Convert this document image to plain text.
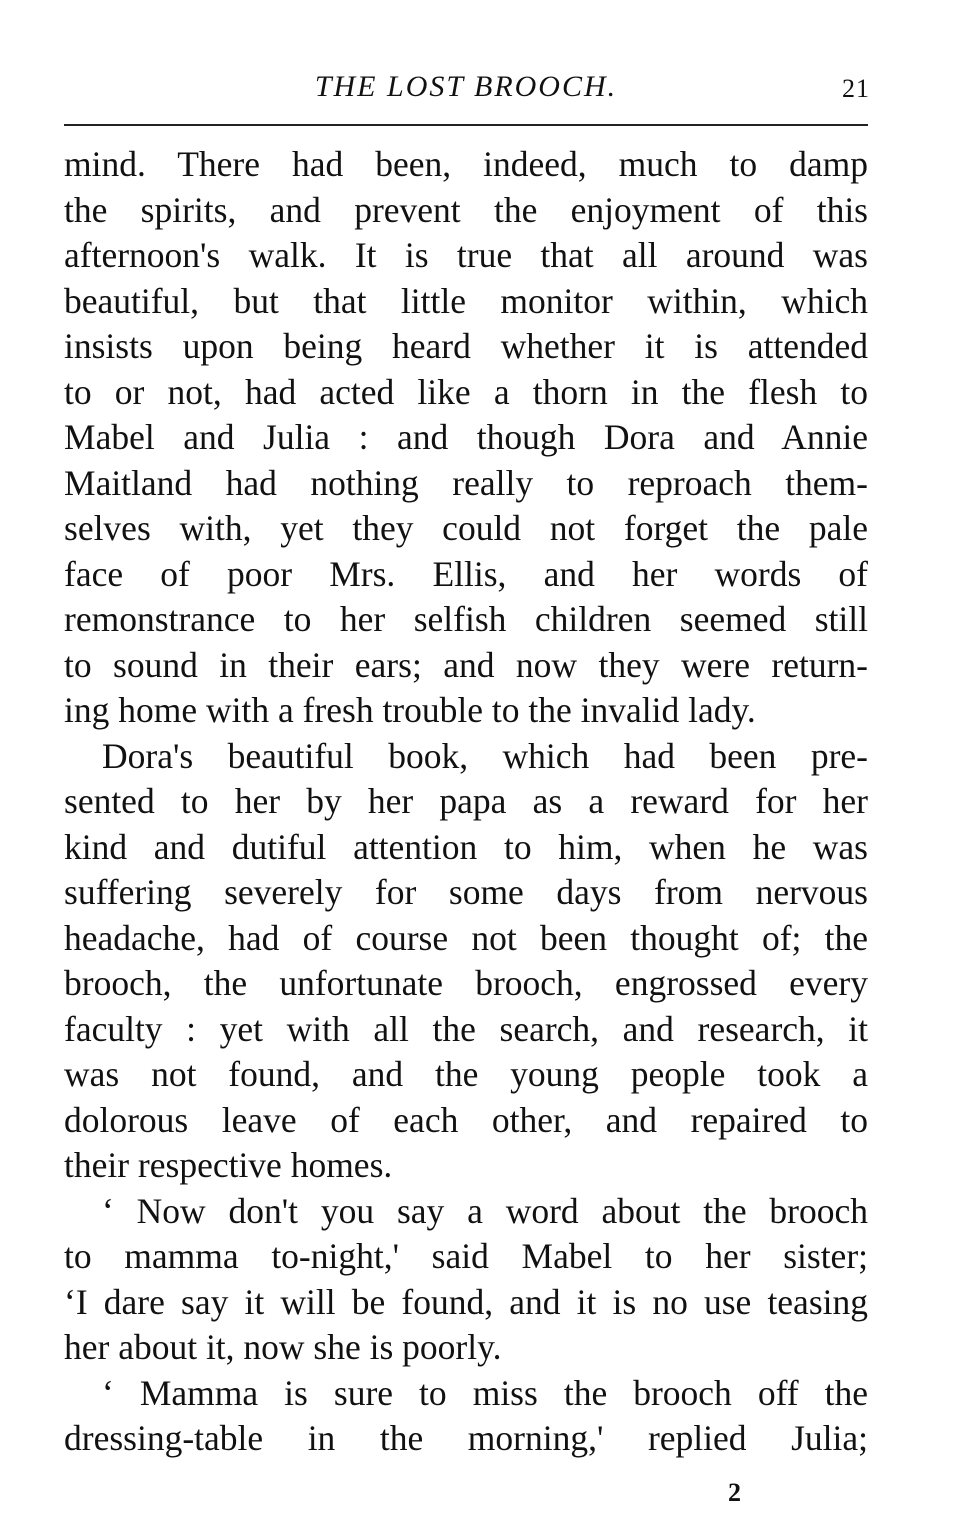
THE LOST BROOCH.	21
mind. There had been, indeed, much to damp
the spirits, and prevent the enjoyment of this
afternoon's walk. It is true that all around was
beautiful, but that little monitor within, which
insists upon being heard whether it is attended
to or not, had acted like a thorn in the flesh to
Mabel and Julia : and though Dora and Annie
Maitland had nothing really to reproach them-
selves with, yet they could not forget the pale
face of poor Mrs. Ellis, and her words of
remonstrance to her selfish children seemed still
to sound in their ears; and now they were return-
ing home with a fresh trouble to the invalid lady.
Dora's beautiful book, which had been pre-
sented to her by her papa as a reward for her
kind and dutiful attention to him, when he was
suffering severely for some days from nervous
headache, had of course not been thought of; the
brooch, the unfortunate brooch, engrossed every
faculty : yet with all the search, and research, it
was not found, and the young people took a
dolorous leave of each other, and repaired to
their respective homes.
‘ Now don't you say a word about the brooch
to mamma to-night,' said Mabel to her sister;
‘I dare say it will be found, and it is no use teasing
her about it, now she is poorly.
‘ Mamma is sure to miss the brooch off the
dressing-table in the morning,' replied Julia;
2
